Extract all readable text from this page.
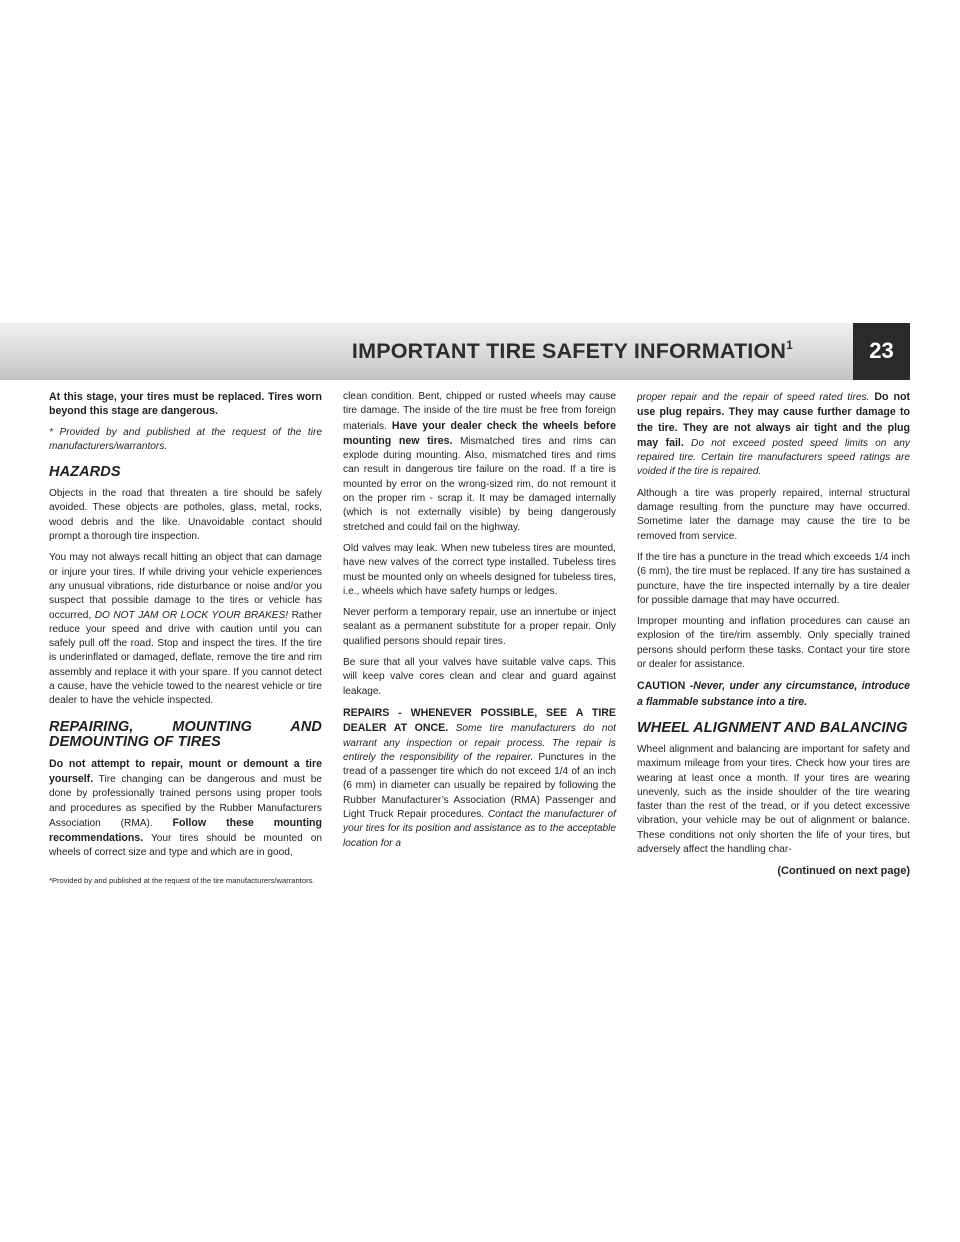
IMPORTANT TIRE SAFETY INFORMATION$^1$	23

At this stage, your tires must be replaced. Tires worn beyond this stage are dangerous.

* Provided by and published at the request of the tire manufacturers/warrantors.

HAZARDS

Objects in the road that threaten a tire should be safely avoided. These objects are potholes, glass, metal, rocks, wood debris and the like. Unavoidable contact should prompt a thorough tire inspection.

You may not always recall hitting an object that can damage or injure your tires. If while driving your vehicle experiences any unusual vibrations, ride disturbance or noise and/or you suspect that possible damage to the tires or vehicle has occurred, DO NOT JAM OR LOCK YOUR BRAKES! Rather reduce your speed and drive with caution until you can safely pull off the road. Stop and inspect the tires. If the tire is underinflated or damaged, deflate, remove the tire and rim assembly and replace it with your spare. If you cannot detect a cause, have the vehicle towed to the nearest vehicle or tire dealer to have the vehicle inspected.

REPAIRING, MOUNTING AND DEMOUNTING OF TIRES

Do not attempt to repair, mount or demount a tire yourself. Tire changing can be dangerous and must be done by professionally trained persons using proper tools and procedures as specified by the Rubber Manufacturers Association (RMA). Follow these mounting recommendations. Your tires should be mounted on wheels of correct size and type and which are in good,

clean condition. Bent, chipped or rusted wheels may cause tire damage. The inside of the tire must be free from foreign materials. Have your dealer check the wheels before mounting new tires. Mismatched tires and rims can explode during mounting. Also, mismatched tires and rims can result in dangerous tire failure on the road. If a tire is mounted by error on the wrong-sized rim, do not remount it on the proper rim - scrap it. It may be damaged internally (which is not externally visible) by being dangerously stretched and could fail on the highway.

Old valves may leak. When new tubeless tires are mounted, have new valves of the correct type installed. Tubeless tires must be mounted only on wheels designed for tubeless tires, i.e., wheels which have safety humps or ledges.

Never perform a temporary repair, use an innertube or inject sealant as a permanent substitute for a proper repair. Only qualified persons should repair tires.

Be sure that all your valves have suitable valve caps. This will keep valve cores clean and clear and guard against leakage.

REPAIRS - WHENEVER POSSIBLE, SEE A TIRE DEALER AT ONCE. Some tire manufacturers do not warrant any inspection or repair process. The repair is entirely the responsibility of the repairer. Punctures in the tread of a passenger tire which do not exceed 1/4 of an inch (6 mm) in diameter can usually be repaired by following the Rubber Manufacturer’s Association (RMA) Passenger and Light Truck Repair procedures. Contact the manufacturer of your tires for its position and assistance as to the acceptable location for a

proper repair and the repair of speed rated tires. Do not use plug repairs. They may cause further damage to the tire. They are not always air tight and the plug may fail. Do not exceed posted speed limits on any repaired tire. Certain tire manufacturers speed ratings are voided if the tire is repaired.

Although a tire was properly repaired, internal structural damage resulting from the puncture may have occurred. Sometime later the damage may cause the tire to be removed from service.

If the tire has a puncture in the tread which exceeds 1/4 inch (6 mm), the tire must be replaced. If any tire has sustained a puncture, have the tire inspected internally by a tire dealer for possible damage that may have occurred.

Improper mounting and inflation procedures can cause an explosion of the tire/rim assembly. Only specially trained persons should perform these tasks. Contact your tire store or dealer for assistance.

CAUTION -Never, under any circumstance, introduce a flammable substance into a tire.

WHEEL ALIGNMENT AND BALANCING

Wheel alignment and balancing are important for safety and maximum mileage from your tires. Check how your tires are wearing at least once a month. If your tires are wearing unevenly, such as the inside shoulder of the tire wearing faster than the rest of the tread, or if you detect excessive vibration, your vehicle may be out of alignment or balance. These conditions not only shorten the life of your tires, but adversely affect the handling char-

(Continued on next page)

*Provided by and published at the request of the tire manufacturers/warrantors.
